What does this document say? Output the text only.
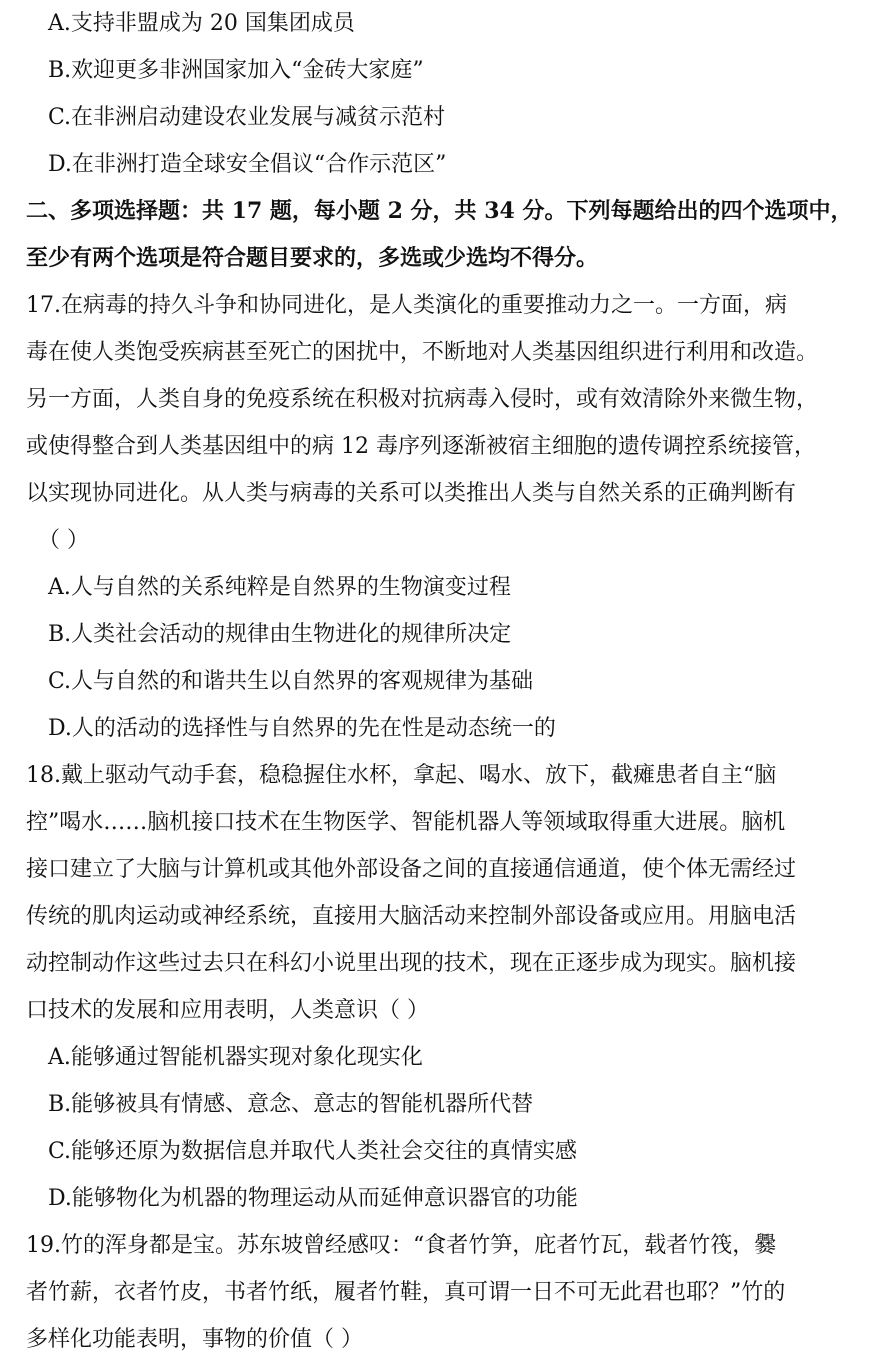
A.支持非盟成为 20 国集团成员
B.欢迎更多非洲国家加入“金砖大家庭”
C.在非洲启动建设农业发展与减贫示范村
D.在非洲打造全球安全倡议“合作示范区”
二、多项选择题：共 17 题，每小题 2 分，共 34 分。下列每题给出的四个选项中，
至少有两个选项是符合题目要求的，多选或少选均不得分。
17.在病毒的持久斗争和协同进化，是人类演化的重要推动力之一。一方面，病
毒在使人类饱受疾病甚至死亡的困扰中，不断地对人类基因组织进行利用和改造。
另一方面，人类自身的免疫系统在积极对抗病毒入侵时，或有效清除外来微生物，
或使得整合到人类基因组中的病 12 毒序列逐渐被宿主细胞的遗传调控系统接管，
以实现协同进化。从人类与病毒的关系可以类推出人类与自然关系的正确判断有
（ ）
A.人与自然的关系纯粹是自然界的生物演变过程
B.人类社会活动的规律由生物进化的规律所决定
C.人与自然的和谐共生以自然界的客观规律为基础
D.人的活动的选择性与自然界的先在性是动态统一的
18.戴上驱动气动手套，稳稳握住水杯，拿起、喝水、放下，截瘫患者自主“脑
控”喝水……脑机接口技术在生物医学、智能机器人等领域取得重大进展。脑机
接口建立了大脑与计算机或其他外部设备之间的直接通信通道，使个体无需经过
传统的肌肉运动或神经系统，直接用大脑活动来控制外部设备或应用。用脑电活
动控制动作这些过去只在科幻小说里出现的技术，现在正逐步成为现实。脑机接
口技术的发展和应用表明，人类意识（ ）
A.能够通过智能机器实现对象化现实化
B.能够被具有情感、意念、意志的智能机器所代替
C.能够还原为数据信息并取代人类社会交往的真情实感
D.能够物化为机器的物理运动从而延伸意识器官的功能
19.竹的浑身都是宝。苏东坡曾经感叹：“食者竹笋，庇者竹瓦，载者竹筏，爨
者竹薪，衣者竹皮，书者竹纸，履者竹鞋，真可谓一日不可无此君也耶？”竹的
多样化功能表明，事物的价值（ ）
